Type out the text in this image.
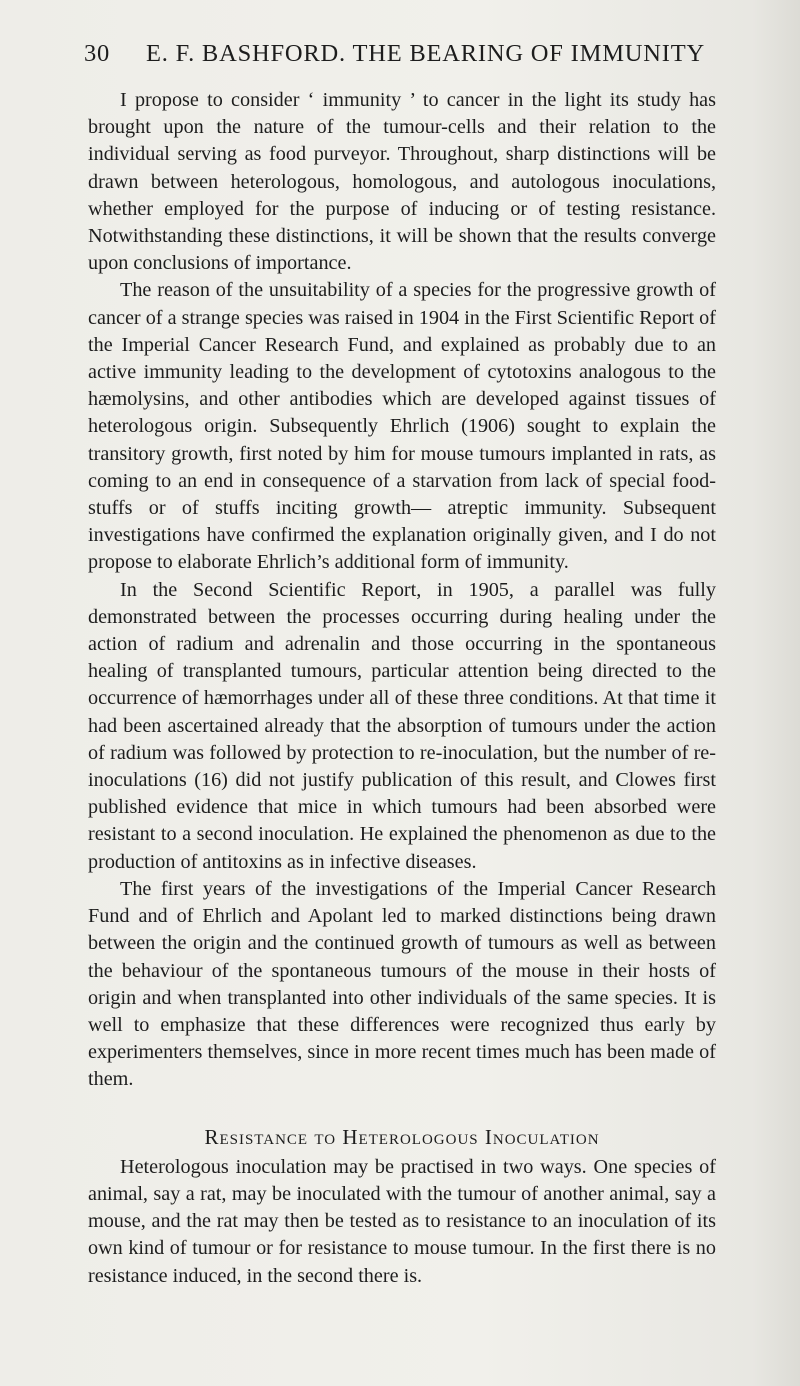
30 E. F. BASHFORD. THE BEARING OF IMMUNITY

I propose to consider ‘ immunity ’ to cancer in the light its study has brought upon the nature of the tumour-cells and their relation to the individual serving as food purveyor. Throughout, sharp distinctions will be drawn between heterologous, homologous, and autologous inoculations, whether employed for the purpose of inducing or of testing resistance. Notwithstanding these distinctions, it will be shown that the results converge upon conclusions of importance.

The reason of the unsuitability of a species for the progressive growth of cancer of a strange species was raised in 1904 in the First Scientific Report of the Imperial Cancer Research Fund, and explained as probably due to an active immunity leading to the development of cytotoxins analogous to the hæmolysins, and other antibodies which are developed against tissues of heterologous origin. Subsequently Ehrlich (1906) sought to explain the transitory growth, first noted by him for mouse tumours implanted in rats, as coming to an end in consequence of a starvation from lack of special food-stuffs or of stuffs inciting growth— atreptic immunity. Subsequent investigations have confirmed the explanation originally given, and I do not propose to elaborate Ehrlich’s additional form of immunity.

In the Second Scientific Report, in 1905, a parallel was fully demonstrated between the processes occurring during healing under the action of radium and adrenalin and those occurring in the spontaneous healing of transplanted tumours, particular attention being directed to the occurrence of hæmorrhages under all of these three conditions. At that time it had been ascertained already that the absorption of tumours under the action of radium was followed by protection to re-inoculation, but the number of re-inoculations (16) did not justify publication of this result, and Clowes first published evidence that mice in which tumours had been absorbed were resistant to a second inoculation. He explained the phenomenon as due to the production of antitoxins as in infective diseases.

The first years of the investigations of the Imperial Cancer Research Fund and of Ehrlich and Apolant led to marked distinctions being drawn between the origin and the continued growth of tumours as well as between the behaviour of the spontaneous tumours of the mouse in their hosts of origin and when transplanted into other individuals of the same species. It is well to emphasize that these differences were recognized thus early by experimenters themselves, since in more recent times much has been made of them.

Resistance to Heterologous Inoculation

Heterologous inoculation may be practised in two ways. One species of animal, say a rat, may be inoculated with the tumour of another animal, say a mouse, and the rat may then be tested as to resistance to an inoculation of its own kind of tumour or for resistance to mouse tumour. In the first there is no resistance induced, in the second there is.
